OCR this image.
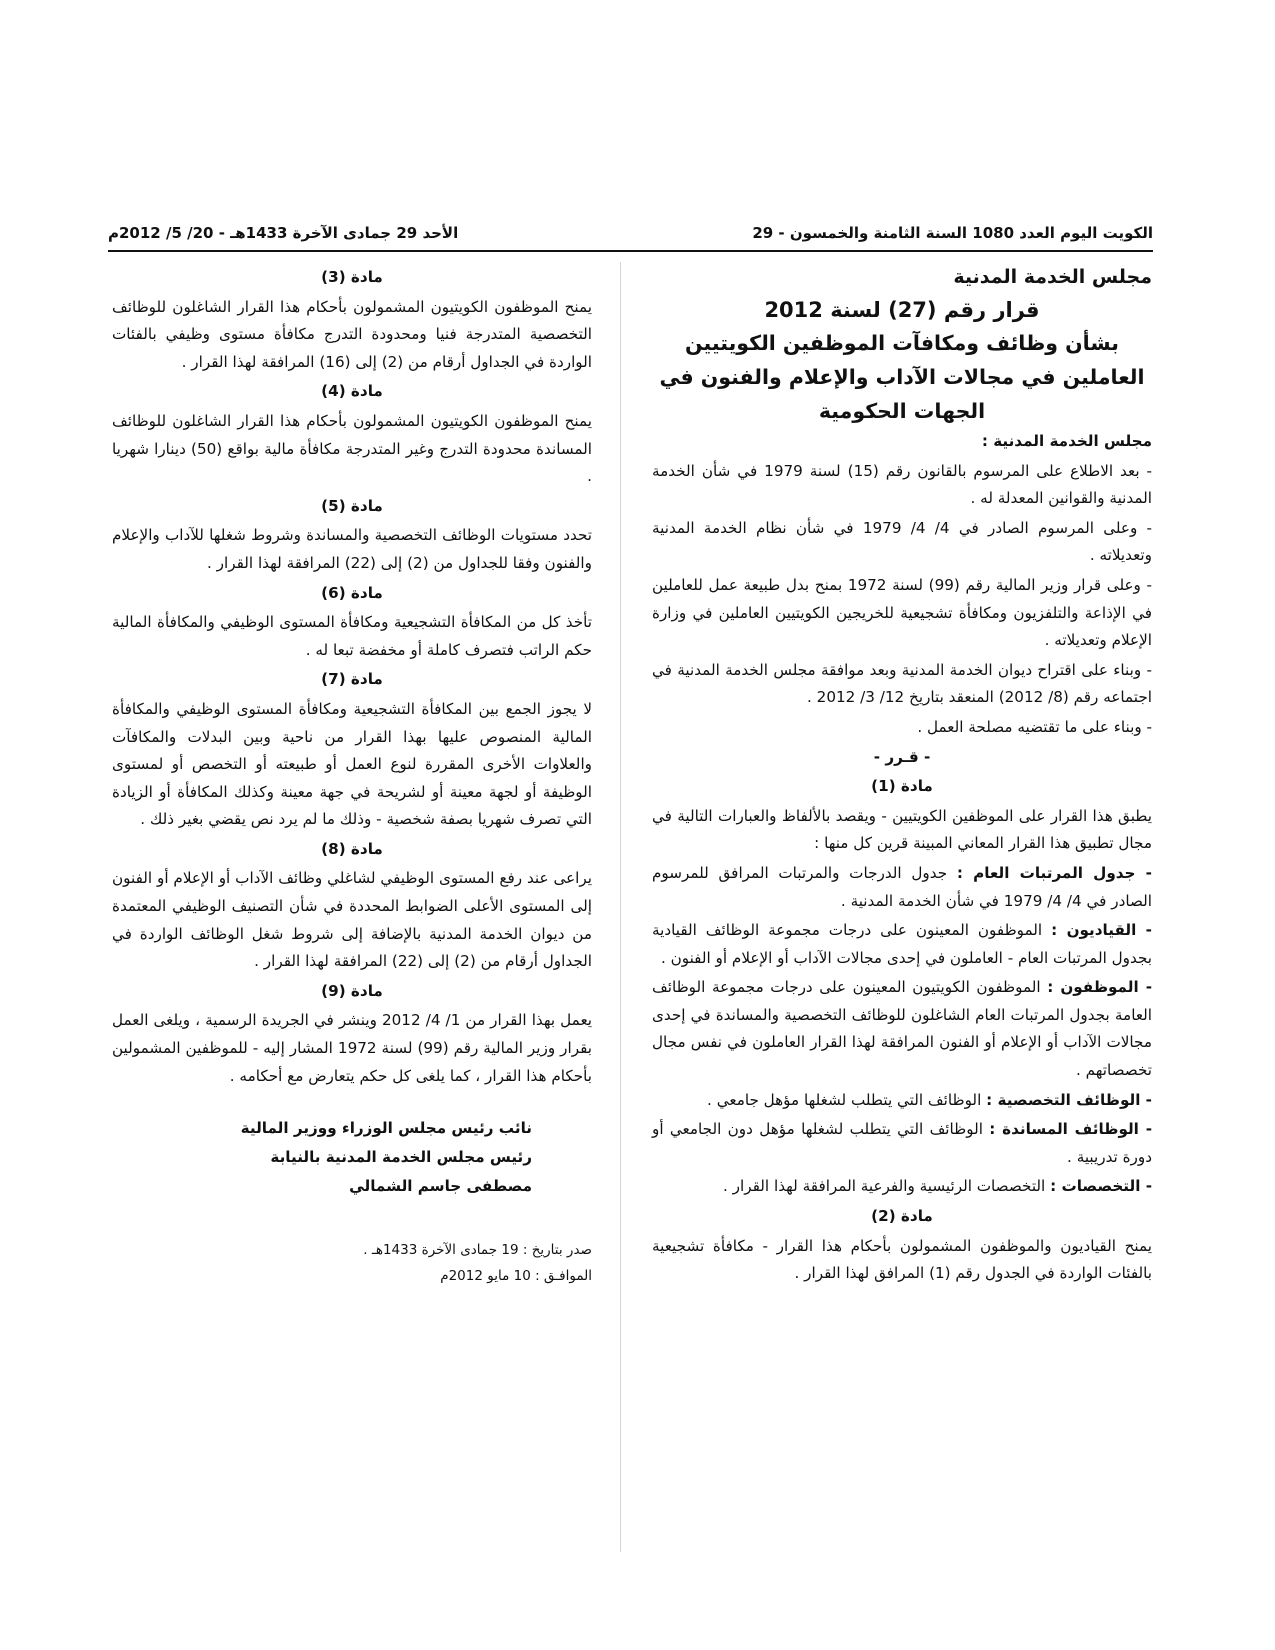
الكويت اليوم العدد 1080 السنة الثامنة والخمسون - 29
الأحد 29 جمادى الآخرة 1433هـ - 20/ 5/ 2012م
مجلس الخدمة المدنية
قرار رقم (27) لسنة 2012
بشأن وظائف ومكافآت الموظفين الكويتيين العاملين في مجالات الآداب والإعلام والفنون في الجهات الحكومية

مجلس الخدمة المدنية :

- بعد الاطلاع على المرسوم بالقانون رقم (15) لسنة 1979 في شأن الخدمة المدنية والقوانين المعدلة له .

- وعلى المرسوم الصادر في 4/ 4/ 1979 في شأن نظام الخدمة المدنية وتعديلاته .

- وعلى قرار وزير المالية رقم (99) لسنة 1972 بمنح بدل طبيعة عمل للعاملين في الإذاعة والتلفزيون ومكافأة تشجيعية للخريجين الكويتيين العاملين في وزارة الإعلام وتعديلاته .

- وبناء على اقتراح ديوان الخدمة المدنية وبعد موافقة مجلس الخدمة المدنية في اجتماعه رقم (8/ 2012) المنعقد بتاريخ 12/ 3/ 2012 .

- وبناء على ما تقتضيه مصلحة العمل .

- قـرر -

مادة (1)

يطبق هذا القرار على الموظفين الكويتيين - ويقصد بالألفاظ والعبارات التالية في مجال تطبيق هذا القرار المعاني المبينة قرين كل منها :

- جدول المرتبات العام : جدول الدرجات والمرتبات المرافق للمرسوم الصادر في 4/ 4/ 1979 في شأن الخدمة المدنية .

- القياديون : الموظفون المعينون على درجات مجموعة الوظائف القيادية بجدول المرتبات العام - العاملون في إحدى مجالات الآداب أو الإعلام أو الفنون .

- الموظفون : الموظفون الكويتيون المعينون على درجات مجموعة الوظائف العامة بجدول المرتبات العام الشاغلون للوظائف التخصصية والمساندة في إحدى مجالات الآداب أو الإعلام أو الفنون المرافقة لهذا القرار العاملون في نفس مجال تخصصاتهم .

- الوظائف التخصصية : الوظائف التي يتطلب لشغلها مؤهل جامعي .

- الوظائف المساندة : الوظائف التي يتطلب لشغلها مؤهل دون الجامعي أو دورة تدريبية .

- التخصصات : التخصصات الرئيسية والفرعية المرافقة لهذا القرار .

مادة (2)

يمنح القياديون والموظفون المشمولون بأحكام هذا القرار - مكافأة تشجيعية بالفئات الواردة في الجدول رقم (1) المرافق لهذا القرار .

مادة (3)

يمنح الموظفون الكويتيون المشمولون بأحكام هذا القرار الشاغلون للوظائف التخصصية المتدرجة فنيا ومحدودة التدرج مكافأة مستوى وظيفي بالفئات الواردة في الجداول أرقام من (2) إلى (16) المرافقة لهذا القرار .

مادة (4)

يمنح الموظفون الكويتيون المشمولون بأحكام هذا القرار الشاغلون للوظائف المساندة محدودة التدرج وغير المتدرجة مكافأة مالية بواقع (50) دينارا شهريا .

مادة (5)

تحدد مستويات الوظائف التخصصية والمساندة وشروط شغلها للآداب والإعلام والفنون وفقا للجداول من (2) إلى (22) المرافقة لهذا القرار .

مادة (6)

تأخذ كل من المكافأة التشجيعية ومكافأة المستوى الوظيفي والمكافأة المالية حكم الراتب فتصرف كاملة أو مخفضة تبعا له .

مادة (7)

لا يجوز الجمع بين المكافأة التشجيعية ومكافأة المستوى الوظيفي والمكافأة المالية المنصوص عليها بهذا القرار من ناحية وبين البدلات والمكافآت والعلاوات الأخرى المقررة لنوع العمل أو طبيعته أو التخصص أو لمستوى الوظيفة أو لجهة معينة أو لشريحة في جهة معينة وكذلك المكافأة أو الزيادة التي تصرف شهريا بصفة شخصية - وذلك ما لم يرد نص يقضي بغير ذلك .

مادة (8)

يراعى عند رفع المستوى الوظيفي لشاغلي وظائف الآداب أو الإعلام أو الفنون إلى المستوى الأعلى الضوابط المحددة في شأن التصنيف الوظيفي المعتمدة من ديوان الخدمة المدنية بالإضافة إلى شروط شغل الوظائف الواردة في الجداول أرقام من (2) إلى (22) المرافقة لهذا القرار .

مادة (9)

يعمل بهذا القرار من 1/ 4/ 2012 وينشر في الجريدة الرسمية ، ويلغى العمل بقرار وزير المالية رقم (99) لسنة 1972 المشار إليه - للموظفين المشمولين بأحكام هذا القرار ، كما يلغى كل حكم يتعارض مع أحكامه .

نائب رئيس مجلس الوزراء ووزير المالية
رئيس مجلس الخدمة المدنية بالنيابة
مصطفى جاسم الشمالي
صدر بتاريخ : 19 جمادى الآخرة 1433هـ .
الموافـق : 10 مايو 2012م
